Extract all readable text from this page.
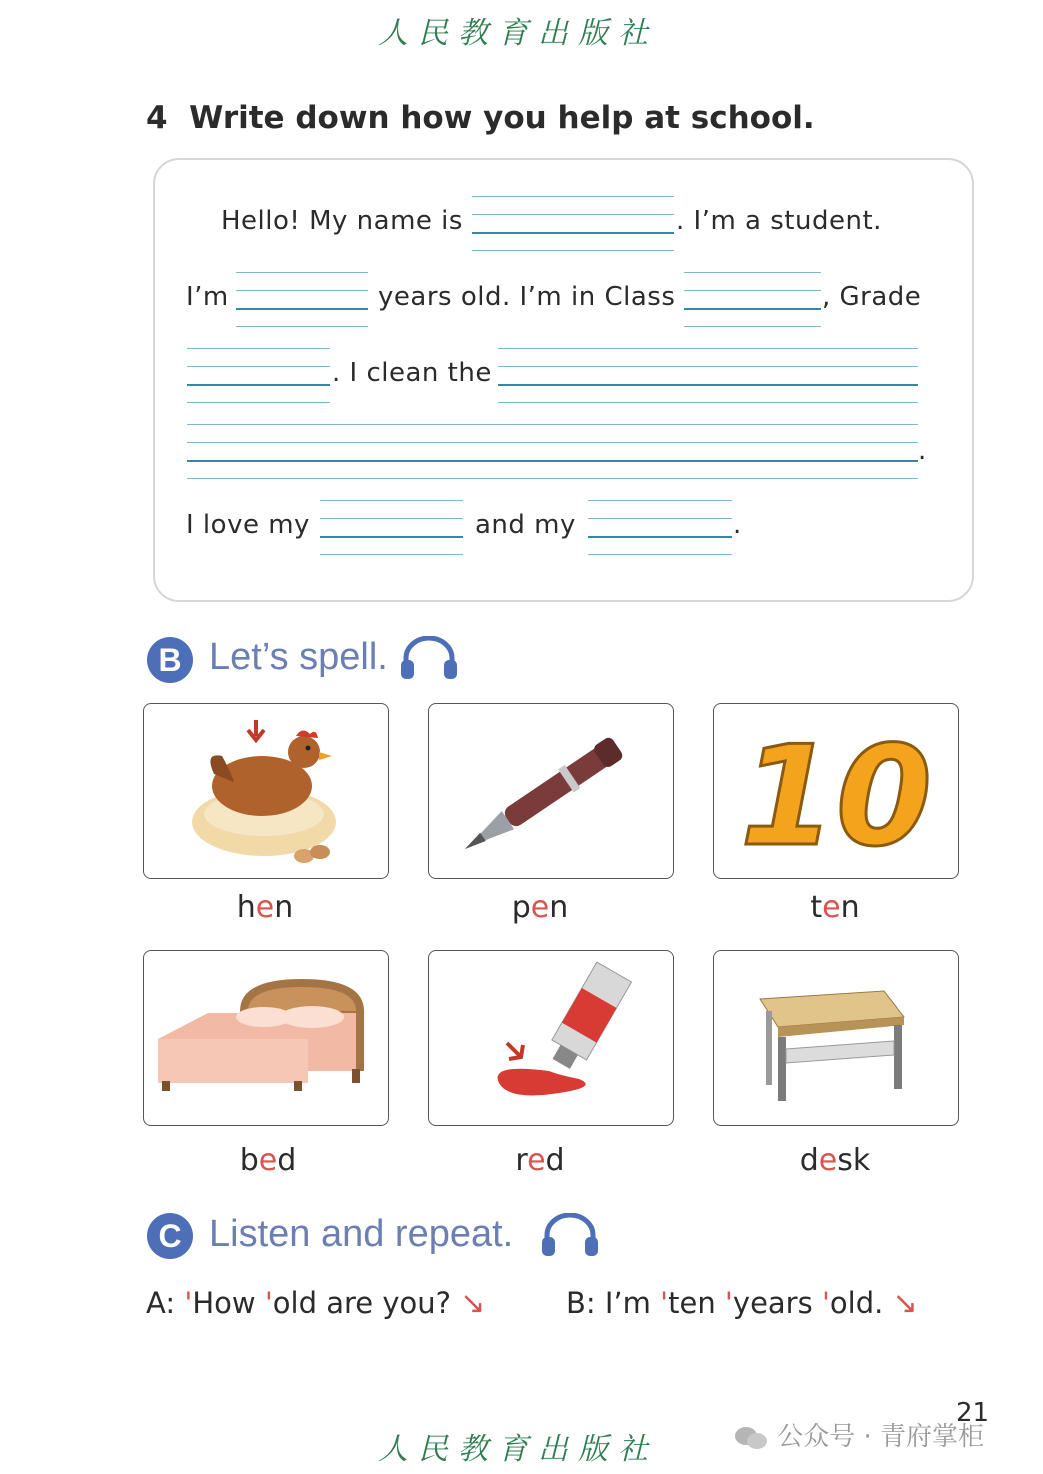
人民教育出版社
4 Write down how you help at school.
Hello! My name is	. I’m a student.
I’m	years old. I’m in Class	, Grade
. I clean the
.
I love my	and my	.
B Let’s spell.
10
hen	pen	ten
bed	red	desk
C Listen and repeat.
A: 'How 'old are you? ↘	B: I’m 'ten 'years 'old. ↘
人民教育出版社
21
公众号 · 青府掌柜
